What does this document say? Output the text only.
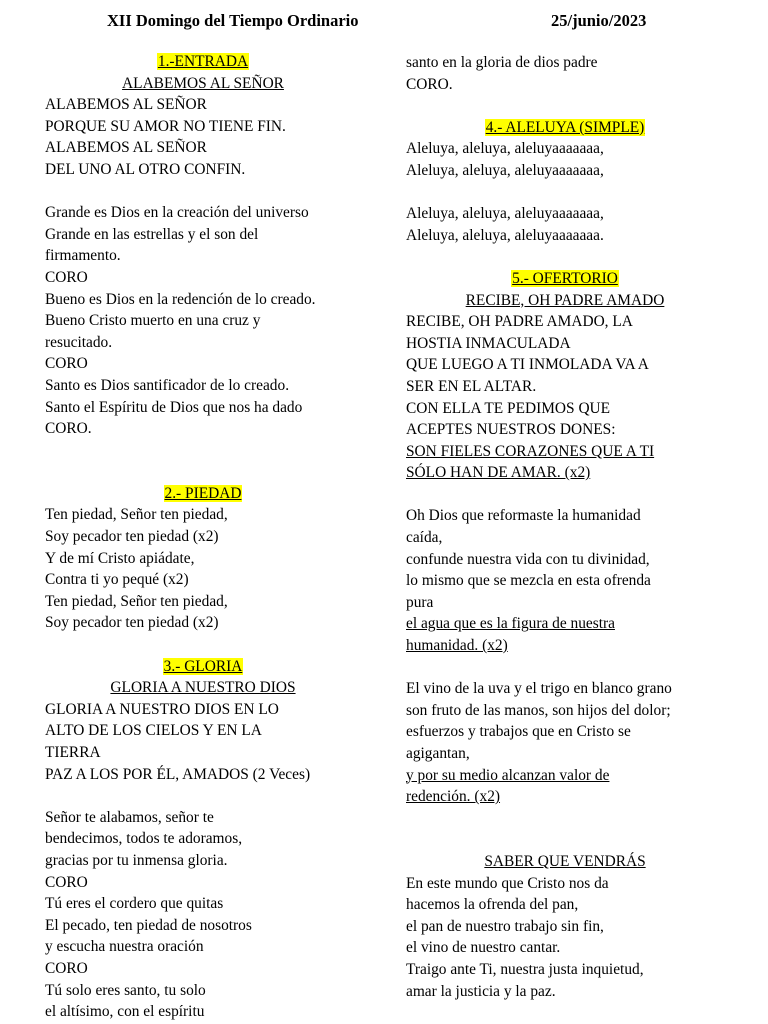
XII Domingo del Tiempo Ordinario	25/junio/2023
1.-ENTRADA
ALABEMOS AL SEÑOR
ALABEMOS AL SEÑOR
PORQUE SU AMOR NO TIENE FIN.
ALABEMOS AL SEÑOR
DEL UNO AL OTRO CONFIN.
Grande es Dios en la creación del universo
Grande en las estrellas y el son del
firmamento.
CORO
Bueno es Dios en la redención de lo creado.
Bueno Cristo muerto en una cruz y
resucitado.
CORO
Santo es Dios santificador de lo creado.
Santo el Espíritu de Dios que nos ha dado
CORO.
2.- PIEDAD
Ten piedad, Señor ten piedad,
Soy pecador ten piedad (x2)
Y de mí Cristo apiádate,
Contra ti yo pequé (x2)
Ten piedad, Señor ten piedad,
Soy pecador ten piedad (x2)
3.- GLORIA
GLORIA A NUESTRO DIOS
GLORIA A NUESTRO DIOS EN LO
ALTO DE LOS CIELOS Y EN LA
TIERRA
PAZ A LOS POR ÉL, AMADOS (2 Veces)
Señor te alabamos, señor te
bendecimos, todos te adoramos,
gracias por tu inmensa gloria.
CORO
Tú eres el cordero que quitas
El pecado, ten piedad de nosotros
y escucha nuestra oración
CORO
Tú solo eres santo, tu solo
el altísimo, con el espíritu
santo en la gloria de dios padre
CORO.
4.- ALELUYA (SIMPLE)
Aleluya, aleluya, aleluyaaaaaaa,
Aleluya, aleluya, aleluyaaaaaaa,
Aleluya, aleluya, aleluyaaaaaaa,
Aleluya, aleluya, aleluyaaaaaaa.
5.- OFERTORIO
RECIBE, OH PADRE AMADO
RECIBE, OH PADRE AMADO, LA
HOSTIA INMACULADA
QUE LUEGO A TI INMOLADA VA A
SER EN EL ALTAR.
CON ELLA TE PEDIMOS QUE
ACEPTES NUESTROS DONES:
SON FIELES CORAZONES QUE A TI
SÓLO HAN DE AMAR. (x2)
Oh Dios que reformaste la humanidad
caída,
confunde nuestra vida con tu divinidad,
lo mismo que se mezcla en esta ofrenda
pura
el agua que es la figura de nuestra
humanidad. (x2)
El vino de la uva y el trigo en blanco grano
son fruto de las manos, son hijos del dolor;
esfuerzos y trabajos que en Cristo se
agigantan,
y por su medio alcanzan valor de
redención. (x2)
SABER QUE VENDRÁS
En este mundo que Cristo nos da
hacemos la ofrenda del pan,
el pan de nuestro trabajo sin fin,
el vino de nuestro cantar.
Traigo ante Ti, nuestra justa inquietud,
amar la justicia y la paz.
